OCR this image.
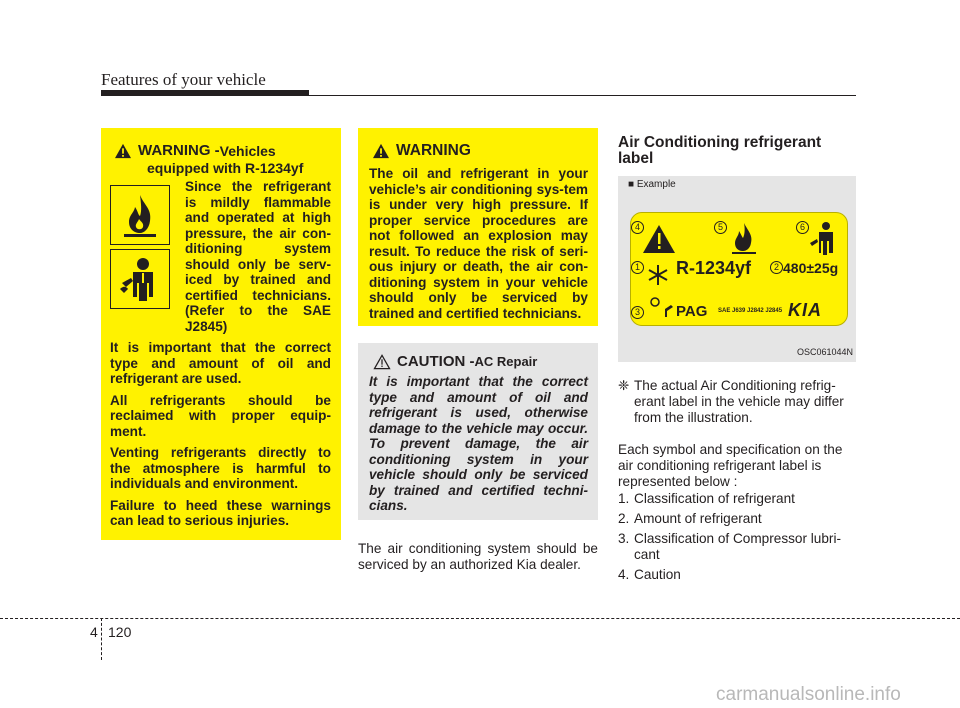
Features of your vehicle
WARNING - Vehicles
equipped with R-1234yf
Since the refrigerant is mildly flammable and operated at high pressure, the air con-ditioning system should only be serv-iced by trained and certified technicians. (Refer to the SAE J2845)
It is important that the correct type and amount of oil and refrigerant are used.
All refrigerants should be reclaimed with proper equip-ment.
Venting refrigerants directly to the atmosphere is harmful to individuals and environment.
Failure to heed these warnings can lead to serious injuries.
WARNING
The oil and refrigerant in your vehicle’s air conditioning sys-tem is under very high pressure. If proper service procedures are not followed an explosion may result. To reduce the risk of seri-ous injury or death, the air con-ditioning system in your vehicle should only be serviced by trained and certified technicians.
CAUTION - AC Repair
It is important that the correct type and amount of oil and refrigerant is used, otherwise damage to the vehicle may occur. To prevent damage, the air conditioning system in your vehicle should only be serviced by trained and certified techni-cians.
The air conditioning system should be serviced by an authorized Kia dealer.
Air Conditioning refrigerant label
■ Example
1	2
3
4	5	6
R-1234yf 480±25g
PAG SAE J639 J2842 J2845 KIA
OSC061044N
❈ The actual Air Conditioning refrig-erant label in the vehicle may differ from the illustration.
Each symbol and specification on the air conditioning refrigerant label is represented below :
1. Classification of refrigerant
2. Amount of refrigerant
3. Classification of Compressor lubri-cant
4. Caution
4 120
carmanualsonline.info
